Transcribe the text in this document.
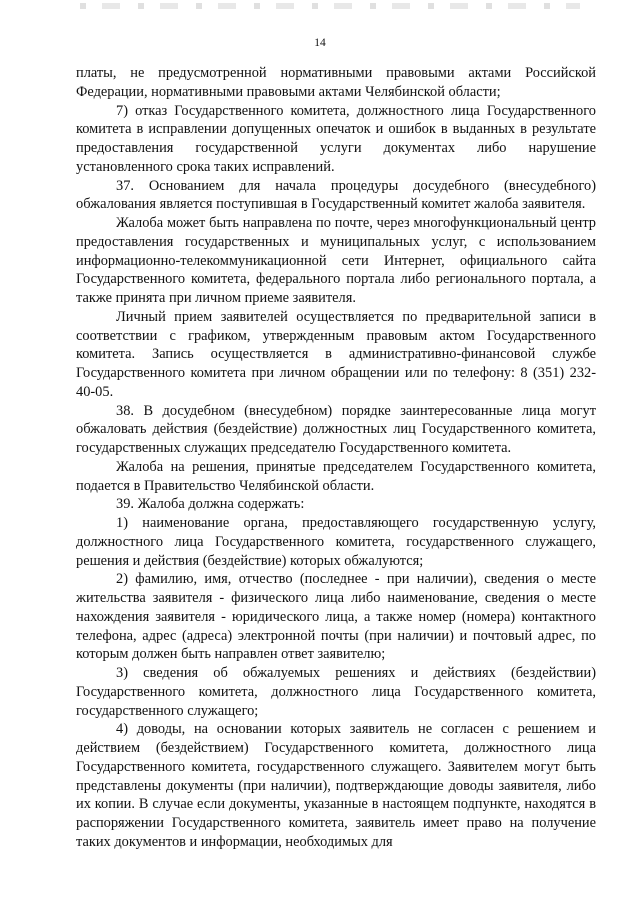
14

платы, не предусмотренной нормативными правовыми актами Российской Федерации, нормативными правовыми актами Челябинской области;

7) отказ Государственного комитета, должностного лица Государственного комитета в исправлении допущенных опечаток и ошибок в выданных в результате предоставления государственной услуги документах либо нарушение установленного срока таких исправлений.

37. Основанием для начала процедуры досудебного (внесудебного) обжалования является поступившая в Государственный комитет жалоба заявителя.

Жалоба может быть направлена по почте, через многофункциональный центр предоставления государственных и муниципальных услуг, с использованием информационно-телекоммуникационной сети Интернет, официального сайта Государственного комитета, федерального портала либо регионального портала, а также принята при личном приеме заявителя.

Личный прием заявителей осуществляется по предварительной записи в соответствии с графиком, утвержденным правовым актом Государственного комитета. Запись осуществляется в административно-финансовой службе Государственного комитета при личном обращении или по телефону: 8 (351) 232-40-05.

38. В досудебном (внесудебном) порядке заинтересованные лица могут обжаловать действия (бездействие) должностных лиц Государственного комитета, государственных служащих председателю Государственного комитета.

Жалоба на решения, принятые председателем Государственного комитета, подается в Правительство Челябинской области.

39. Жалоба должна содержать:

1) наименование органа, предоставляющего государственную услугу, должностного лица Государственного комитета, государственного служащего, решения и действия (бездействие) которых обжалуются;

2) фамилию, имя, отчество (последнее - при наличии), сведения о месте жительства заявителя - физического лица либо наименование, сведения о месте нахождения заявителя - юридического лица, а также номер (номера) контактного телефона, адрес (адреса) электронной почты (при наличии) и почтовый адрес, по которым должен быть направлен ответ заявителю;

3) сведения об обжалуемых решениях и действиях (бездействии) Государственного комитета, должностного лица Государственного комитета, государственного служащего;

4) доводы, на основании которых заявитель не согласен с решением и действием (бездействием) Государственного комитета, должностного лица Государственного комитета, государственного служащего. Заявителем могут быть представлены документы (при наличии), подтверждающие доводы заявителя, либо их копии. В случае если документы, указанные в настоящем подпункте, находятся в распоряжении Государственного комитета, заявитель имеет право на получение таких документов и информации, необходимых для
